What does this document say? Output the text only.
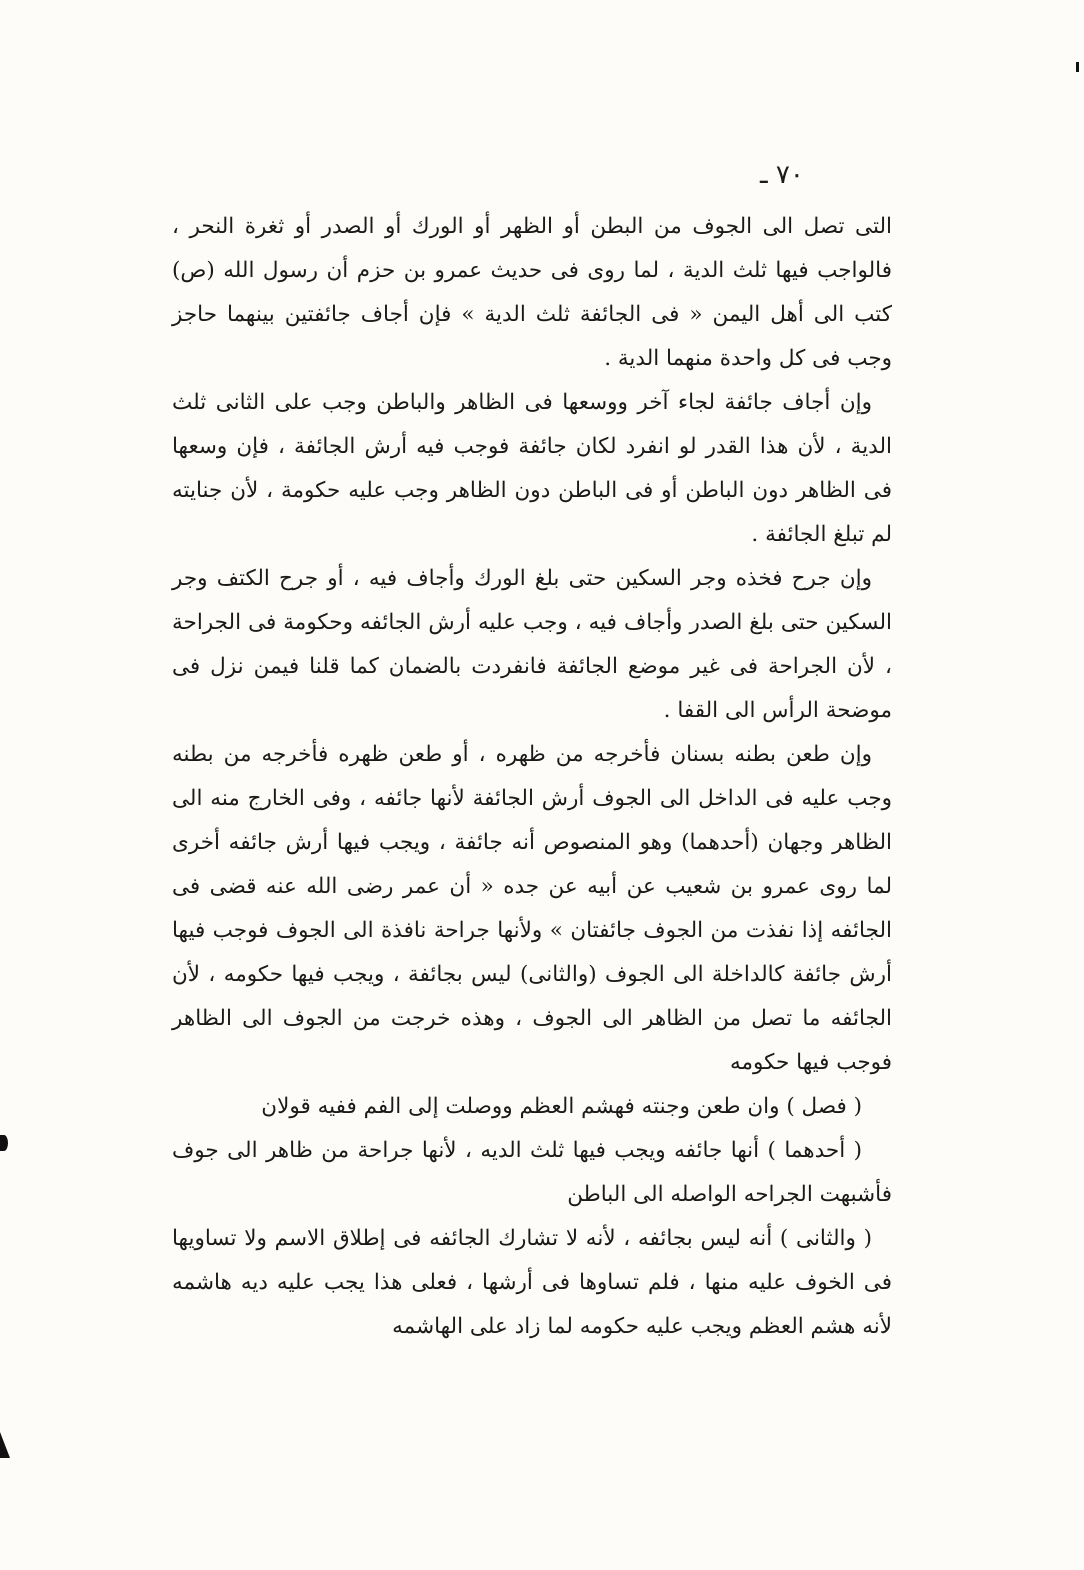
٧٠ ـ

التى تصل الى الجوف من البطن أو الظهر أو الورك أو الصدر أو ثغرة النحر ، فالواجب فيها ثلث الدية ، لما روى فى حديث عمرو بن حزم أن رسول الله (ص) كتب الى أهل اليمن « فى الجائفة ثلث الدية » فإن أجاف جائفتين بينهما حاجز وجب فى كل واحدة منهما الدية .

وإن أجاف جائفة لجاء آخر ووسعها فى الظاهر والباطن وجب على الثانى ثلث الدية ، لأن هذا القدر لو انفرد لكان جائفة فوجب فيه أرش الجائفة ، فإن وسعها فى الظاهر دون الباطن أو فى الباطن دون الظاهر وجب عليه حكومة ، لأن جنايته لم تبلغ الجائفة .

وإن جرح فخذه وجر السكين حتى بلغ الورك وأجاف فيه ، أو جرح الكتف وجر السكين حتى بلغ الصدر وأجاف فيه ، وجب عليه أرش الجائفه وحكومة فى الجراحة ، لأن الجراحة فى غير موضع الجائفة فانفردت بالضمان كما قلنا فيمن نزل فى موضحة الرأس الى القفا .

وإن طعن بطنه بسنان فأخرجه من ظهره ، أو طعن ظهره فأخرجه من بطنه وجب عليه فى الداخل الى الجوف أرش الجائفة لأنها جائفه ، وفى الخارج منه الى الظاهر وجهان (أحدهما) وهو المنصوص أنه جائفة ، ويجب فيها أرش جائفه أخرى لما روى عمرو بن شعيب عن أبيه عن جده « أن عمر رضى الله عنه قضى فى الجائفه إذا نفذت من الجوف جائفتان » ولأنها جراحة نافذة الى الجوف فوجب فيها أرش جائفة كالداخلة الى الجوف (والثانى) ليس بجائفة ، ويجب فيها حكومه ، لأن الجائفه ما تصل من الظاهر الى الجوف ، وهذه خرجت من الجوف الى الظاهر فوجب فيها حكومه

( فصل ) وان طعن وجنته فهشم العظم ووصلت إلى الفم ففيه قولان

( أحدهما ) أنها جائفه ويجب فيها ثلث الديه ، لأنها جراحة من ظاهر الى جوف فأشبهت الجراحه الواصله الى الباطن

( والثانى ) أنه ليس بجائفه ، لأنه لا تشارك الجائفه فى إطلاق الاسم ولا تساويها فى الخوف عليه منها ، فلم تساوها فى أرشها ، فعلى هذا يجب عليه ديه هاشمه لأنه هشم العظم ويجب عليه حكومه لما زاد على الهاشمه
